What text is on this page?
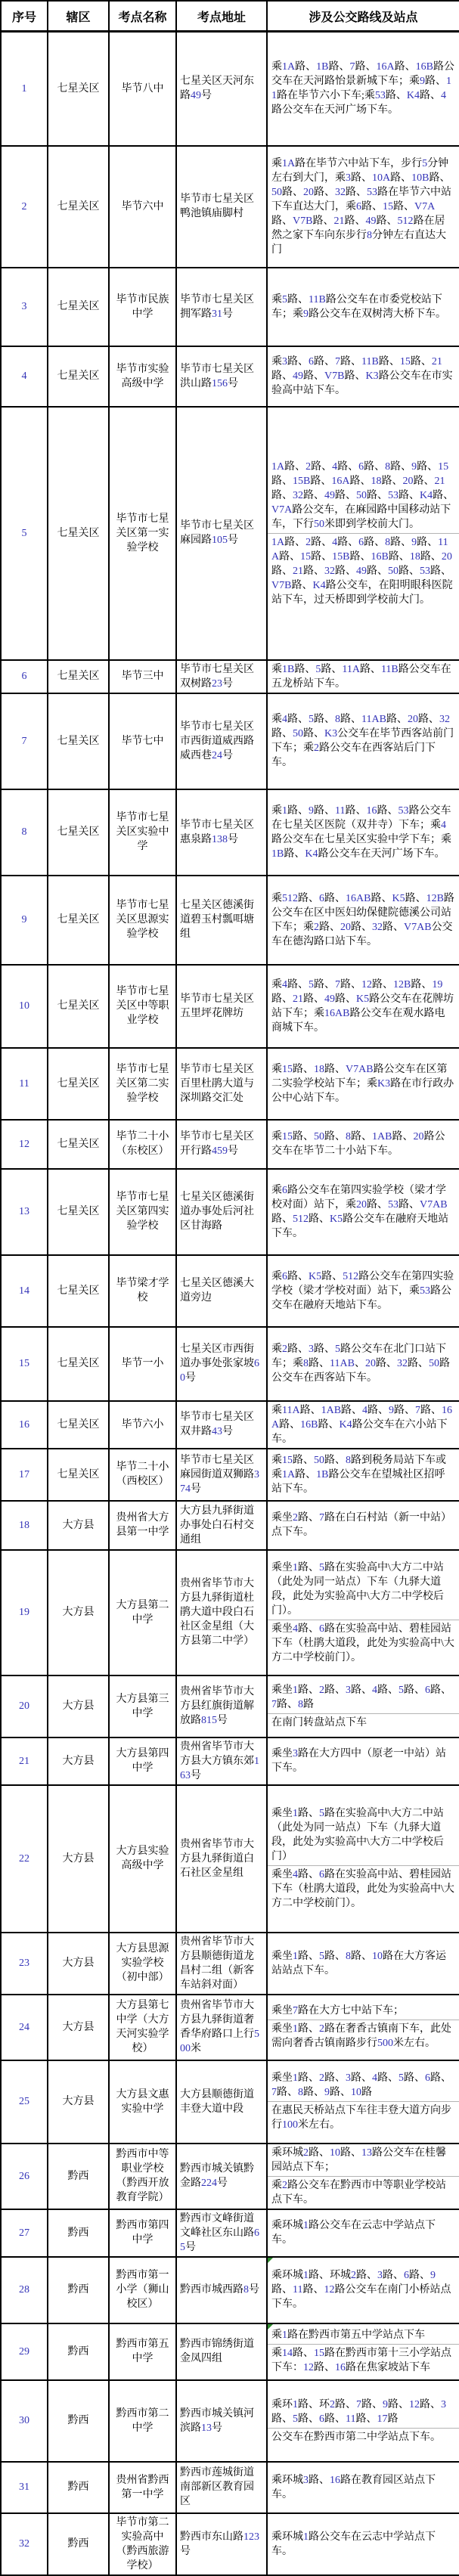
序号	辖区	考点名称	考点地址	涉及公交路线及站点
1	七星关区	毕节八中	七星关区天河东路49号	乘1A路、1B路、7路、16A路、16B路公交车在天河路怡景新城下车；乘9路、11路在毕节六小下车;乘53路、K4路、4路公交车在天河广场下车。

2	七星关区	毕节六中	毕节市七星关区鸭池镇庙脚村	乘1A路在毕节六中站下车，步行5分钟左右到大门，乘3路、10A路、10B路、50路、20路、32路、53路在毕节六中站下车直达大门，乘6路、15路、V7A路、V7B路、21路、49路、512路在居然之家下车向东步行8分钟左右直达大门

3	七星关区	毕节市民族中学	毕节市七星关区拥军路31号	乘5路、11B路公交车在市委党校站下车；乘9路公交车在双树湾大桥下车。

4	七星关区	毕节市实验高级中学	毕节市七星关区洪山路156号	乘3路、6路、7路、11B路、15路、21路、49路、V7B路、K3路公交车在市实验高中站下车。

5	七星关区	毕节市七星关区第一实验学校	毕节市七星关区麻园路105号	1A路、2路、4路、6路、8路、9路、15路、15B路、16A路、18路、20路、21路、32路、49路、50路、53路、K4路、V7A路公交车，在麻园路中国移动站下车，下行50米即到学校前大门。
1A路、2路、4路、6路、8路、9路、11A路、15路、15B路、16B路、18路、20路、21路、32路、49路、50路、53路、V7B路、K4路公交车，在阳明眼科医院站下车，过天桥即到学校前大门。

6	七星关区	毕节三中	毕节市七星关区双树路23号	乘1B路、5路、11A路、11B路公交车在五龙桥站下车。

7	七星关区	毕节七中	毕节市七星关区市西街道威西路威西巷24号	乘4路、5路、8路、11AB路、20路、32路、50路、K3公交车在毕节西客站前门下车；乘2路公交车在西客站后门下车。

8	七星关区	毕节市七星关区实验中学	毕节市七星关区惠泉路138号	乘1路、9路、11路、16路、53路公交车在七星关区医院（双井寺）下车；乘4路公交车在七星关区实验中学下车；乘1B路、K4路公交车在天河广场下车。

9	七星关区	毕节市七星关区思源实验学校	七星关区德溪街道碧玉村瓢咡塘组	乘512路、6路、16AB路、K5路、12B路公交车在区中医妇幼保健院德溪公司站下车；乘2路、20路、32路、V7AB公交车在德沟路口站下车。

10	七星关区	毕节市七星关区中等职业学校	毕节市七星关区五里坪花牌坊	乘4路、5路、7路、12路、12B路、19路、21路、49路、K5路公交车在花牌坊站下车；乘16AB路公交车在观水路电商城下车。

11	七星关区	毕节市七星关区第二实验学校	毕节市七星关区百里杜鹃大道与深圳路交汇处	乘15路、18路、V7AB路公交车在区第二实验学校站下车；乘K3路在市行政办公中心站下车。

12	七星关区	毕节二十小（东校区）	毕节市七星关区开行路459号	乘15路、50路、8路、1AB路、20路公交车在毕节二十小站下车。

13	七星关区	毕节市七星关区第四实验学校	七星关区德溪街道办事处后河社区甘海路	乘6路公交车在第四实验学校（梁才学校对面）站下，乘20路、53路、V7AB路、512路、K5路公交车在融府天地站下车。

14	七星关区	毕节梁才学校	七星关区德溪大道旁边	乘6路、K5路、512路公交车在第四实验学校（梁才学校对面）站下，乘53路公交车在融府天地站下车。

15	七星关区	毕节一小	七星关区市西街道办事处张家坡60号	乘2路、3路、5路公交车在北门口站下车；乘8路、11AB、20路、32路、50路公交车在西客站下车。

16	七星关区	毕节六小	毕节市七星关区双井路43号	乘11A路、1AB路、4路、9路、7路、16A路、16B路、K4路公交车在六小站下车。

17	七星关区	毕节二十小（西校区）	毕节市七星关区麻园街道双狮路374号	乘15路、50路、8路到税务局站下车或乘1A路、1B路公交车在望城社区招呼站下车。

18	大方县	贵州省大方县第一中学	大方县九驿街道办事处白石村交通组	乘坐2路、7路在白石村站（新一中站）点下车。

19	大方县	大方县第二中学	贵州省毕节市大方县九驿街道杜鹃大道中段白石社区金星组（大方县第二中学）	乘坐1路、5路在实验高中\大方二中站（此处为同一站点）下车（九驿大道段，此处为实验高中\大方二中学校后门）。
乘坐4路、6路在实验高中站、碧桂园站下车（杜鹃大道段，此处为实验高中\大方二中学校前门）。

20	大方县	大方县第三中学	贵州省毕节市大方县红旗街道解放路815号	乘坐1路、2路、3路、4路、5路、6路、7路、8路
在南门转盘站点下车

21	大方县	大方县第四中学	贵州省毕节市大方县大方镇东郊163号	乘坐3路在大方四中（原老一中站）站下车。

22	大方县	大方县实验高级中学	贵州省毕节市大方县九驿街道白石社区金星组	乘坐1路、5路在实验高中\大方二中站（此处为同一站点）下车（九驿大道段，此处为实验高中\大方二中学校后门）
乘坐4路、6路在实验高中站、碧桂园站下车（杜鹃大道段，此处为实验高中\大方二中学校前门）。

23	大方县	大方县思源实验学校（初中部）	贵州省毕节市大方县顺德街道龙昌村二组（新客车站斜对面）	乘坐1路、5路、8路、10路在大方客运站站点下车。

24	大方县	大方县第七中学（大方天河实验学校）	贵州省毕节市大方县九驿街道奢香华府路口上行500米	乘坐7路在大方七中站下车；
乘坐1路、2路在奢香古镇南下车，此处需向奢香古镇南路步行500米左右。

25	大方县	大方县文惠实验中学	大方县顺德街道丰登大道中段	乘坐1路、2路、3路、4路、5路、6路、7路、8路、9路、10路
在惠民天桥站点下车往丰登大道方向步行100米左右。

26	黔西	黔西市中等职业学校（黔西开放教育学院）	黔西市城关镇黔金路224号	乘环城2路、10路、13路公交车在桂馨园站点下车；
乘2路公交车在黔西市中等职业学校站点下车。

27	黔西	黔西市第四中学	黔西市文峰街道文峰社区东山路65号	乘环城1路公交车在云志中学站点下车。

28	黔西	黔西市第一小学（狮山校区）	黔西市城西路8号	乘环城1路、环城2路、3路、6路、9路、11路、12路公交车在南门小桥站点下车。

29	黔西	黔西市第五中学	黔西市锦绣街道金凤四组	乘1路在黔西市第五中学站点下车
乘14路、15路在黔西市第十三小学站点下车：12路、16路在焦家坡站下车

30	黔西	黔西市第二中学	黔西市城关镇河滨路13号	乘环1路、环2路、7路、9路、12路、3路、5路、6路、11路、17路
公交车在黔西市第二中学站点下车。

31	黔西	贵州省黔西第一中学	黔西市莲城街道南部新区教育园区	乘环城3路、16路在教育园区站点下车。

32	黔西	毕节市第二实验高中（黔西旅游学校）	黔西市东山路123号	乘环城1路公交车在云志中学站点下车。
